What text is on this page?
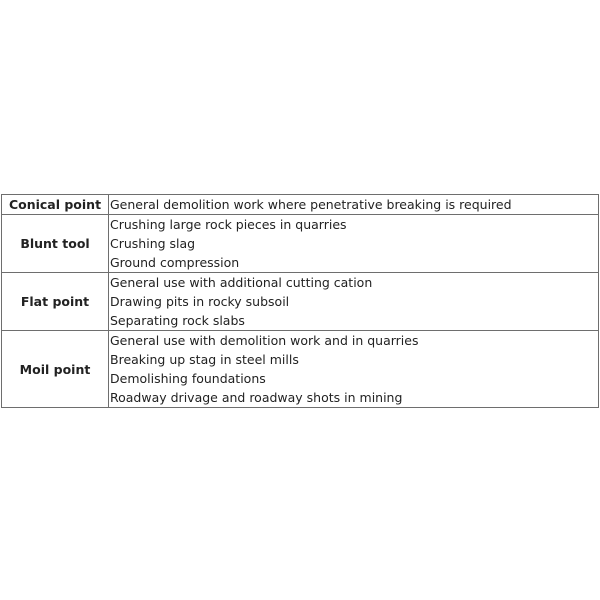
Conical point	General demolition work where penetrative breaking is required

Blunt tool	Crushing large rock pieces in quarries
Crushing slag
Ground compression

Flat point	General use with additional cutting cation
Drawing pits in rocky subsoil
Separating rock slabs

Moil point	General use with demolition work and in quarries
Breaking up stag in steel mills
Demolishing foundations
Roadway drivage and roadway shots in mining
